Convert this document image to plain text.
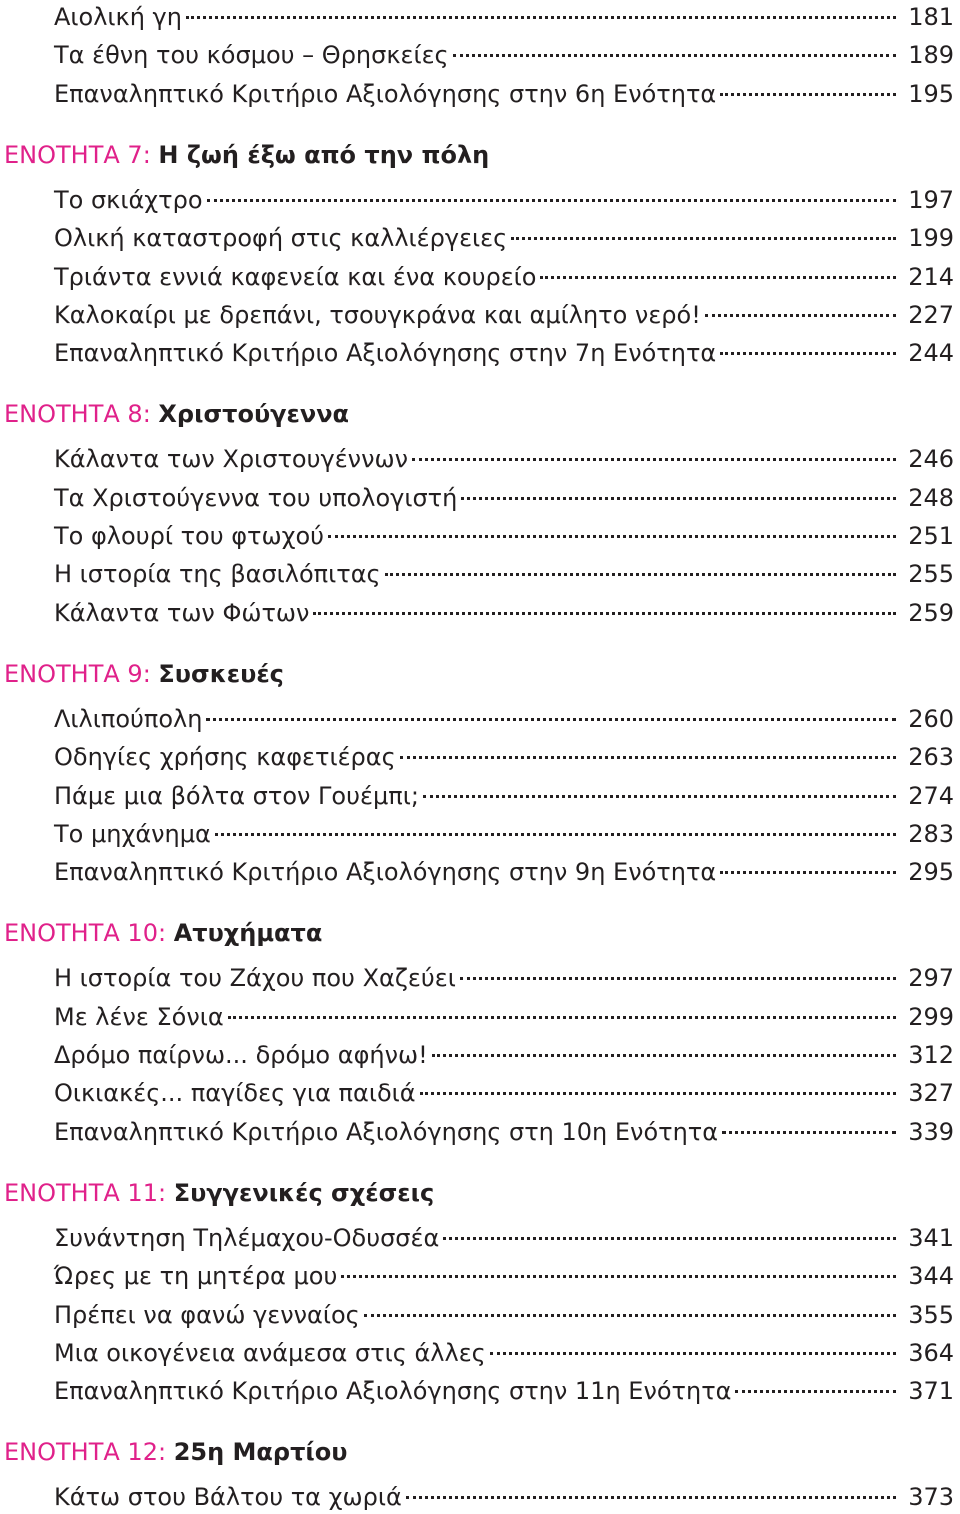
Αιολική γη	181
Τα έθνη του κόσμου – Θρησκείες	189
Επαναληπτικό Κριτήριο Αξιολόγησης στην 6η Ενότητα	195
ΕΝΟΤΗΤΑ 7: Η ζωή έξω από την πόλη
Το σκιάχτρο	197
Ολική καταστροφή στις καλλιέργειες	199
Τριάντα εννιά καφενεία και ένα κουρείο	214
Καλοκαίρι με δρεπάνι, τσουγκράνα και αμίλητο νερό!	227
Επαναληπτικό Κριτήριο Αξιολόγησης στην 7η Ενότητα	244
ΕΝΟΤΗΤΑ 8: Χριστούγεννα
Κάλαντα των Χριστουγέννων	246
Τα Χριστούγεννα του υπολογιστή	248
Το φλουρί του φτωχού	251
Η ιστορία της βασιλόπιτας	255
Κάλαντα των Φώτων	259
ΕΝΟΤΗΤΑ 9: Συσκευές
Λιλιπούπολη	260
Οδηγίες χρήσης καφετιέρας	263
Πάμε μια βόλτα στον Γουέμπι;	274
Το μηχάνημα	283
Επαναληπτικό Κριτήριο Αξιολόγησης στην 9η Ενότητα	295
ΕΝΟΤΗΤΑ 10: Ατυχήματα
Η ιστορία του Ζάχου που Χαζεύει	297
Με λένε Σόνια	299
Δρόμο παίρνω... δρόμο αφήνω!	312
Οικιακές... παγίδες για παιδιά	327
Επαναληπτικό Κριτήριο Αξιολόγησης στη 10η Ενότητα	339
ΕΝΟΤΗΤΑ 11: Συγγενικές σχέσεις
Συνάντηση Τηλέμαχου-Οδυσσέα	341
Ώρες με τη μητέρα μου	344
Πρέπει να φανώ γενναίος	355
Μια οικογένεια ανάμεσα στις άλλες	364
Επαναληπτικό Κριτήριο Αξιολόγησης στην 11η Ενότητα	371
ΕΝΟΤΗΤΑ 12: 25η Μαρτίου
Κάτω στου Βάλτου τα χωριά	373
